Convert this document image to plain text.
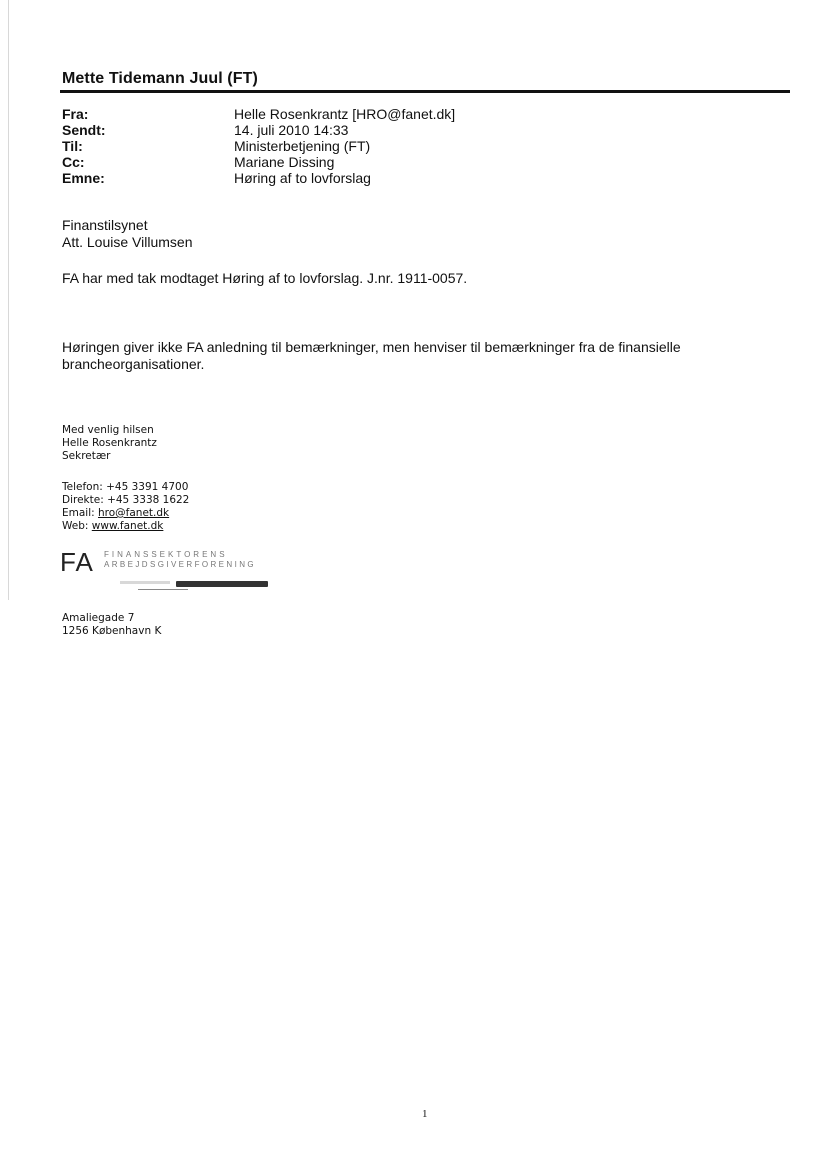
Mette Tidemann Juul (FT)
Fra:	Helle Rosenkrantz [HRO@fanet.dk]
Sendt:	14. juli 2010 14:33
Til:	Ministerbetjening (FT)
Cc:	Mariane Dissing
Emne:	Høring af to lovforslag
Finanstilsynet
Att. Louise Villumsen
FA har med tak modtaget Høring af to lovforslag. J.nr. 1911-0057.
Høringen giver ikke FA anledning til bemærkninger, men henviser til bemærkninger fra de finansielle brancheorganisationer.
Med venlig hilsen
Helle Rosenkrantz
Sekretær
Telefon: +45 3391 4700
Direkte: +45 3338 1622
Email: hro@fanet.dk
Web: www.fanet.dk
FA FINANSSEKTORENS
ARBEJDSGIVERFORENING
Amaliegade 7
1256 København K
1
